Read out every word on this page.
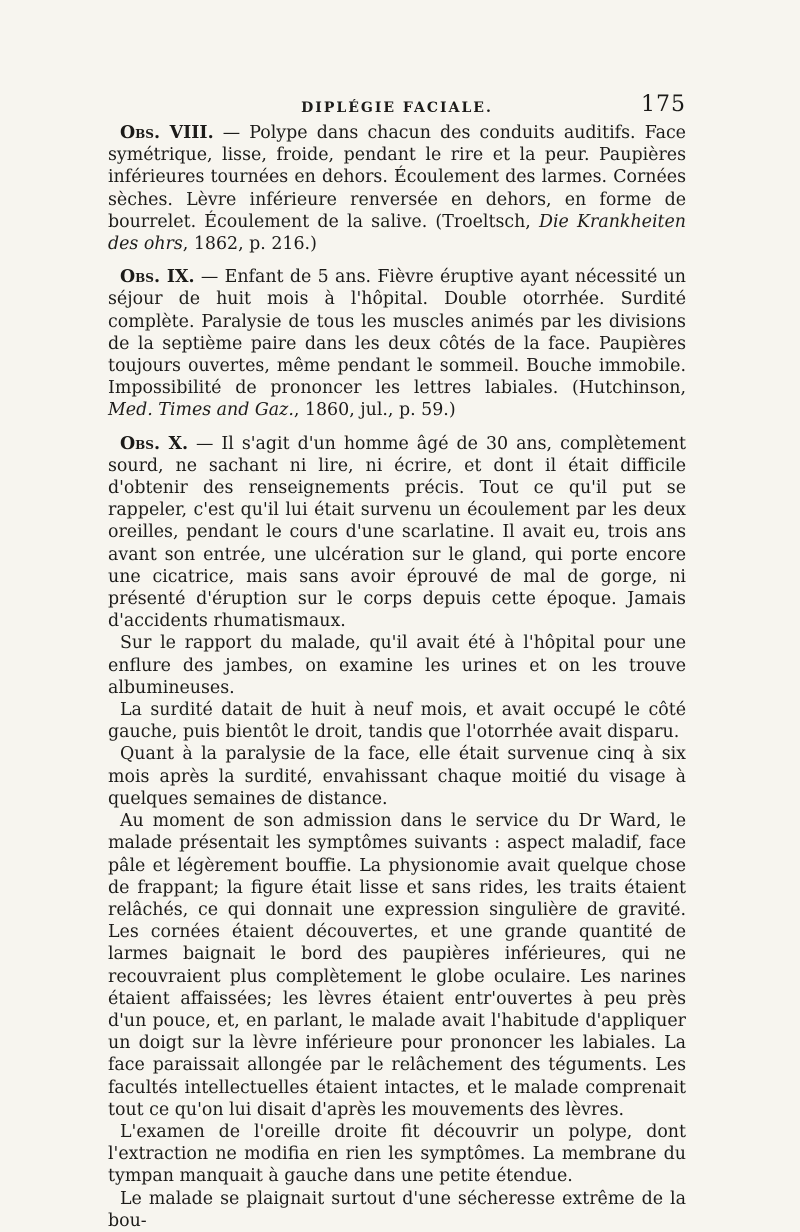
DIPLÉGIE FACIALE.	175

Obs. VIII. — Polype dans chacun des conduits auditifs. Face symétrique, lisse, froide, pendant le rire et la peur. Paupières inférieures tournées en dehors. Écoulement des larmes. Cornées sèches. Lèvre inférieure renversée en dehors, en forme de bourrelet. Écoulement de la salive. (Troeltsch, Die Krankheiten des ohrs, 1862, p. 216.)

Obs. IX. — Enfant de 5 ans. Fièvre éruptive ayant nécessité un séjour de huit mois à l'hôpital. Double otorrhée. Surdité complète. Paralysie de tous les muscles animés par les divisions de la septième paire dans les deux côtés de la face. Paupières toujours ouvertes, même pendant le sommeil. Bouche immobile. Impossibilité de prononcer les lettres labiales. (Hutchinson, Med. Times and Gaz., 1860, jul., p. 59.)

Obs. X. — Il s'agit d'un homme âgé de 30 ans, complètement sourd, ne sachant ni lire, ni écrire, et dont il était difficile d'obtenir des renseignements précis. Tout ce qu'il put se rappeler, c'est qu'il lui était survenu un écoulement par les deux oreilles, pendant le cours d'une scarlatine. Il avait eu, trois ans avant son entrée, une ulcération sur le gland, qui porte encore une cicatrice, mais sans avoir éprouvé de mal de gorge, ni présenté d'éruption sur le corps depuis cette époque. Jamais d'accidents rhumatismaux.

Sur le rapport du malade, qu'il avait été à l'hôpital pour une enflure des jambes, on examine les urines et on les trouve albumineuses.

La surdité datait de huit à neuf mois, et avait occupé le côté gauche, puis bientôt le droit, tandis que l'otorrhée avait disparu.

Quant à la paralysie de la face, elle était survenue cinq à six mois après la surdité, envahissant chaque moitié du visage à quelques semaines de distance.

Au moment de son admission dans le service du Dr Ward, le malade présentait les symptômes suivants : aspect maladif, face pâle et légèrement bouffie. La physionomie avait quelque chose de frappant; la figure était lisse et sans rides, les traits étaient relâchés, ce qui donnait une expression singulière de gravité. Les cornées étaient découvertes, et une grande quantité de larmes baignait le bord des paupières inférieures, qui ne recouvraient plus complètement le globe oculaire. Les narines étaient affaissées; les lèvres étaient entr'ouvertes à peu près d'un pouce, et, en parlant, le malade avait l'habitude d'appliquer un doigt sur la lèvre inférieure pour prononcer les labiales. La face paraissait allongée par le relâchement des téguments. Les facultés intellectuelles étaient intactes, et le malade comprenait tout ce qu'on lui disait d'après les mouvements des lèvres.

L'examen de l'oreille droite fit découvrir un polype, dont l'extraction ne modifia en rien les symptômes. La membrane du tympan manquait à gauche dans une petite étendue.

Le malade se plaignait surtout d'une sécheresse extrême de la bou-
